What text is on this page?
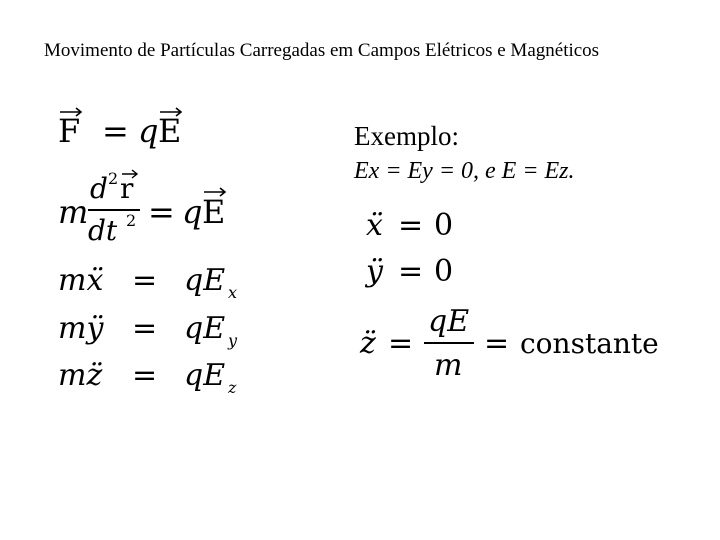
Movimento de Partículas Carregadas em Campos Elétricos e Magnéticos
F = q E
m
d 2 r
dt 2 = q E
mẍ = qE x
mÿ = qE y
mz̈ = qE z
Exemplo:
Ex = Ey = 0, e E = Ez.
ẍ = 0
ÿ = 0
z̈ =
qE
m
= constante
